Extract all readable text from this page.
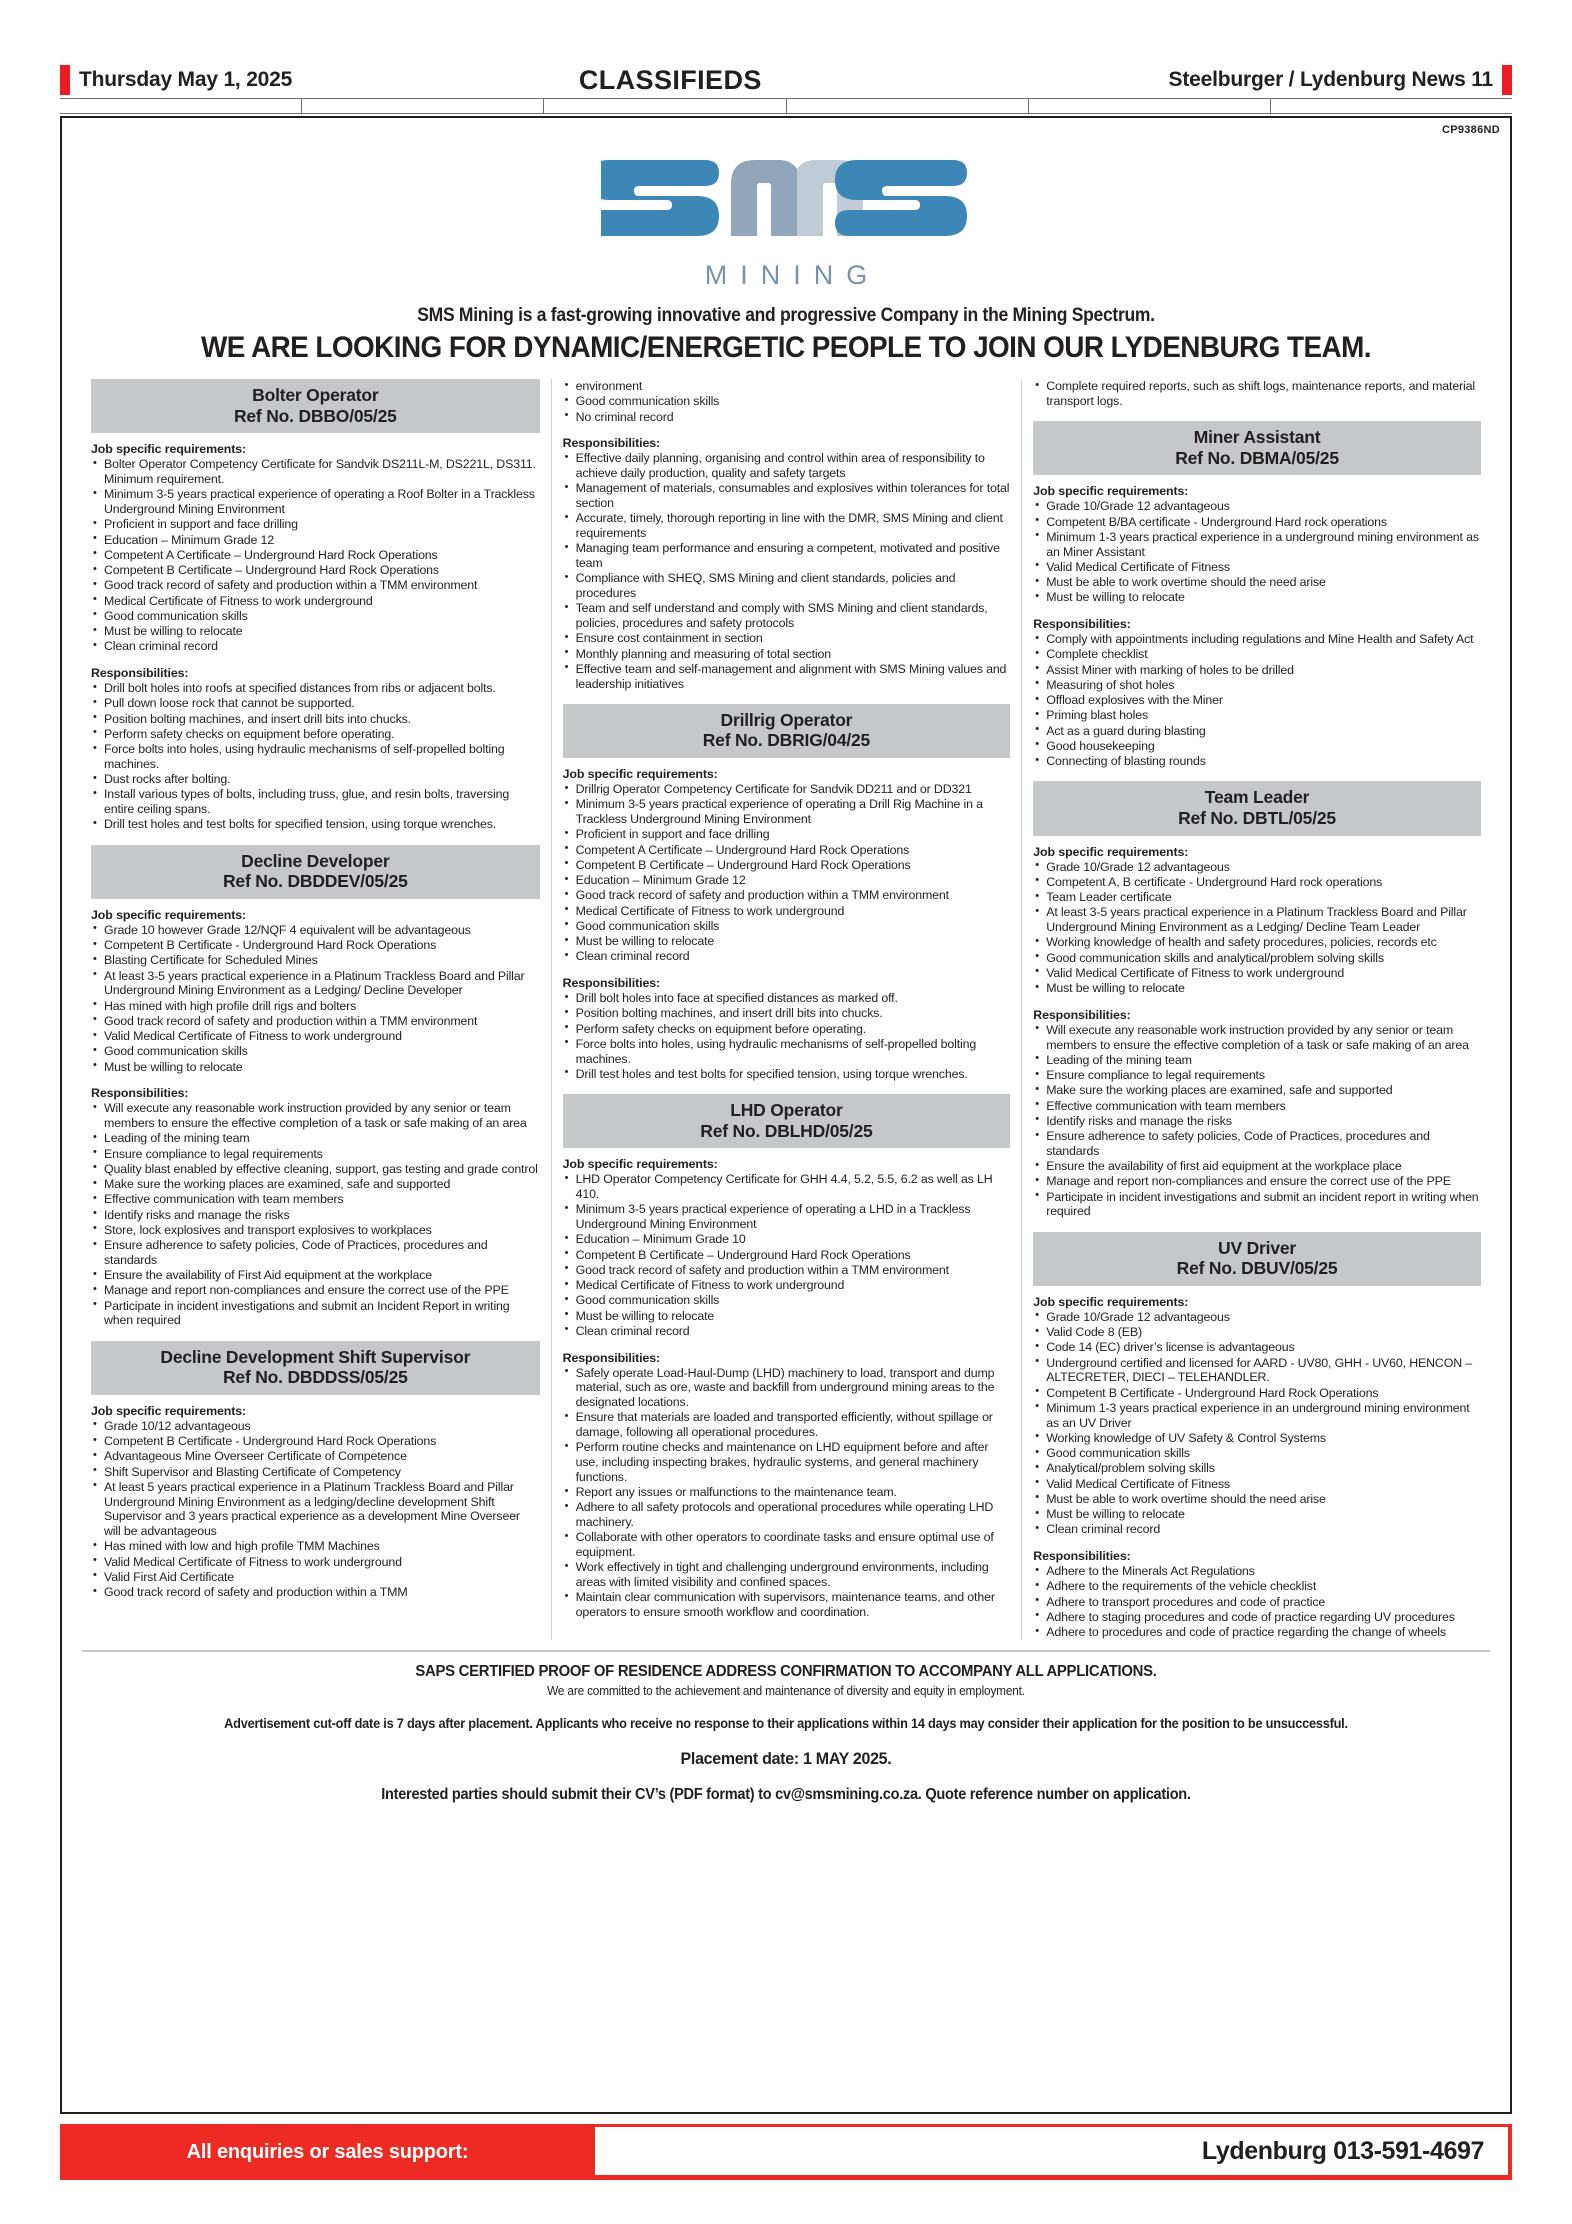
Thursday May 1, 2025	CLASSIFIEDS	Steelburger / Lydenburg News 11
CP9386ND
MINING
SMS Mining is a fast-growing innovative and progressive Company in the Mining Spectrum.
WE ARE LOOKING FOR DYNAMIC/ENERGETIC PEOPLE TO JOIN OUR LYDENBURG TEAM.
Bolter Operator
Ref No. DBBO/05/25
Job specific requirements:
• Bolter Operator Competency Certificate for Sandvik DS211L-M, DS221L, DS311. Minimum requirement.
• Minimum 3-5 years practical experience of operating a Roof Bolter in a Trackless Underground Mining Environment
• Proficient in support and face drilling
• Education – Minimum Grade 12
• Competent A Certificate – Underground Hard Rock Operations
• Competent B Certificate – Underground Hard Rock Operations
• Good track record of safety and production within a TMM environment
• Medical Certificate of Fitness to work underground
• Good communication skills
• Must be willing to relocate
• Clean criminal record
Responsibilities:
• Drill bolt holes into roofs at specified distances from ribs or adjacent bolts.
• Pull down loose rock that cannot be supported.
• Position bolting machines, and insert drill bits into chucks.
• Perform safety checks on equipment before operating.
• Force bolts into holes, using hydraulic mechanisms of self-propelled bolting machines.
• Dust rocks after bolting.
• Install various types of bolts, including truss, glue, and resin bolts, traversing entire ceiling spans.
• Drill test holes and test bolts for specified tension, using torque wrenches.
Decline Developer
Ref No. DBDDEV/05/25
Job specific requirements:
• Grade 10 however Grade 12/NQF 4 equivalent will be advantageous
• Competent B Certificate - Underground Hard Rock Operations
• Blasting Certificate for Scheduled Mines
• At least 3-5 years practical experience in a Platinum Trackless Board and Pillar Underground Mining Environment as a Ledging/ Decline Developer
• Has mined with high profile drill rigs and bolters
• Good track record of safety and production within a TMM environment
• Valid Medical Certificate of Fitness to work underground
• Good communication skills
• Must be willing to relocate
Responsibilities:
• Will execute any reasonable work instruction provided by any senior or team members to ensure the effective completion of a task or safe making of an area
• Leading of the mining team
• Ensure compliance to legal requirements
• Quality blast enabled by effective cleaning, support, gas testing and grade control
• Make sure the working places are examined, safe and supported
• Effective communication with team members
• Identify risks and manage the risks
• Store, lock explosives and transport explosives to workplaces
• Ensure adherence to safety policies, Code of Practices, procedures and standards
• Ensure the availability of First Aid equipment at the workplace
• Manage and report non-compliances and ensure the correct use of the PPE
• Participate in incident investigations and submit an Incident Report in writing when required
Decline Development Shift Supervisor
Ref No. DBDDSS/05/25
Job specific requirements:
• Grade 10/12 advantageous
• Competent B Certificate - Underground Hard Rock Operations
• Advantageous Mine Overseer Certificate of Competence
• Shift Supervisor and Blasting Certificate of Competency
• At least 5 years practical experience in a Platinum Trackless Board and Pillar Underground Mining Environment as a ledging/decline development Shift Supervisor and 3 years practical experience as a development Mine Overseer will be advantageous
• Has mined with low and high profile TMM Machines
• Valid Medical Certificate of Fitness to work underground
• Valid First Aid Certificate
• Good track record of safety and production within a TMM
• environment
• Good communication skills
• No criminal record
Responsibilities:
• Effective daily planning, organising and control within area of responsibility to achieve daily production, quality and safety targets
• Management of materials, consumables and explosives within tolerances for total section
• Accurate, timely, thorough reporting in line with the DMR, SMS Mining and client requirements
• Managing team performance and ensuring a competent, motivated and positive team
• Compliance with SHEQ, SMS Mining and client standards, policies and procedures
• Team and self understand and comply with SMS Mining and client standards, policies, procedures and safety protocols
• Ensure cost containment in section
• Monthly planning and measuring of total section
• Effective team and self-management and alignment with SMS Mining values and leadership initiatives
Drillrig Operator
Ref No. DBRIG/04/25
Job specific requirements:
• Drillrig Operator Competency Certificate for Sandvik DD211 and or DD321
• Minimum 3-5 years practical experience of operating a Drill Rig Machine in a Trackless Underground Mining Environment
• Proficient in support and face drilling
• Competent A Certificate – Underground Hard Rock Operations
• Competent B Certificate – Underground Hard Rock Operations
• Education – Minimum Grade 12
• Good track record of safety and production within a TMM environment
• Medical Certificate of Fitness to work underground
• Good communication skills
• Must be willing to relocate
• Clean criminal record
Responsibilities:
• Drill bolt holes into face at specified distances as marked off.
• Position bolting machines, and insert drill bits into chucks.
• Perform safety checks on equipment before operating.
• Force bolts into holes, using hydraulic mechanisms of self-propelled bolting machines.
• Drill test holes and test bolts for specified tension, using torque wrenches.
LHD Operator
Ref No. DBLHD/05/25
Job specific requirements:
• LHD Operator Competency Certificate for GHH 4.4, 5.2, 5.5, 6.2 as well as LH 410.
• Minimum 3-5 years practical experience of operating a LHD in a Trackless Underground Mining Environment
• Education – Minimum Grade 10
• Competent B Certificate – Underground Hard Rock Operations
• Good track record of safety and production within a TMM environment
• Medical Certificate of Fitness to work underground
• Good communication skills
• Must be willing to relocate
• Clean criminal record
Responsibilities:
• Safely operate Load-Haul-Dump (LHD) machinery to load, transport and dump material, such as ore, waste and backfill from underground mining areas to the designated locations.
• Ensure that materials are loaded and transported efficiently, without spillage or damage, following all operational procedures.
• Perform routine checks and maintenance on LHD equipment before and after use, including inspecting brakes, hydraulic systems, and general machinery functions.
• Report any issues or malfunctions to the maintenance team.
• Adhere to all safety protocols and operational procedures while operating LHD machinery.
• Collaborate with other operators to coordinate tasks and ensure optimal use of equipment.
• Work effectively in tight and challenging underground environments, including areas with limited visibility and confined spaces.
• Maintain clear communication with supervisors, maintenance teams, and other operators to ensure smooth workflow and coordination.
• Complete required reports, such as shift logs, maintenance reports, and material transport logs.
Miner Assistant
Ref No. DBMA/05/25
Job specific requirements:
• Grade 10/Grade 12 advantageous
• Competent B/BA certificate - Underground Hard rock operations
• Minimum 1-3 years practical experience in a underground mining environment as an Miner Assistant
• Valid Medical Certificate of Fitness
• Must be able to work overtime should the need arise
• Must be willing to relocate
Responsibilities:
• Comply with appointments including regulations and Mine Health and Safety Act
• Complete checklist
• Assist Miner with marking of holes to be drilled
• Measuring of shot holes
• Offload explosives with the Miner
• Priming blast holes
• Act as a guard during blasting
• Good housekeeping
• Connecting of blasting rounds
Team Leader
Ref No. DBTL/05/25
Job specific requirements:
• Grade 10/Grade 12 advantageous
• Competent A, B certificate - Underground Hard rock operations
• Team Leader certificate
• At least 3-5 years practical experience in a Platinum Trackless Board and Pillar Underground Mining Environment as a Ledging/ Decline Team Leader
• Working knowledge of health and safety procedures, policies, records etc
• Good communication skills and analytical/problem solving skills
• Valid Medical Certificate of Fitness to work underground
• Must be willing to relocate
Responsibilities:
• Will execute any reasonable work instruction provided by any senior or team members to ensure the effective completion of a task or safe making of an area
• Leading of the mining team
• Ensure compliance to legal requirements
• Make sure the working places are examined, safe and supported
• Effective communication with team members
• Identify risks and manage the risks
• Ensure adherence to safety policies, Code of Practices, procedures and standards
• Ensure the availability of first aid equipment at the workplace place
• Manage and report non-compliances and ensure the correct use of the PPE
• Participate in incident investigations and submit an incident report in writing when required
UV Driver
Ref No. DBUV/05/25
Job specific requirements:
• Grade 10/Grade 12 advantageous
• Valid Code 8 (EB)
• Code 14 (EC) driver’s license is advantageous
• Underground certified and licensed for AARD - UV80, GHH - UV60, HENCON – ALTECRETER, DIECI – TELEHANDLER.
• Competent B Certificate - Underground Hard Rock Operations
• Minimum 1-3 years practical experience in an underground mining environment as an UV Driver
• Working knowledge of UV Safety & Control Systems
• Good communication skills
• Analytical/problem solving skills
• Valid Medical Certificate of Fitness
• Must be able to work overtime should the need arise
• Must be willing to relocate
• Clean criminal record
Responsibilities:
• Adhere to the Minerals Act Regulations
• Adhere to the requirements of the vehicle checklist
• Adhere to transport procedures and code of practice
• Adhere to staging procedures and code of practice regarding UV procedures
• Adhere to procedures and code of practice regarding the change of wheels
SAPS CERTIFIED PROOF OF RESIDENCE ADDRESS CONFIRMATION TO ACCOMPANY ALL APPLICATIONS.
We are committed to the achievement and maintenance of diversity and equity in employment.
Advertisement cut-off date is 7 days after placement. Applicants who receive no response to their applications within 14 days may consider their application for the position to be unsuccessful.
Placement date: 1 MAY 2025.
Interested parties should submit their CV’s (PDF format) to cv@smsmining.co.za. Quote reference number on application.
All enquiries or sales support:	Lydenburg 013-591-4697
